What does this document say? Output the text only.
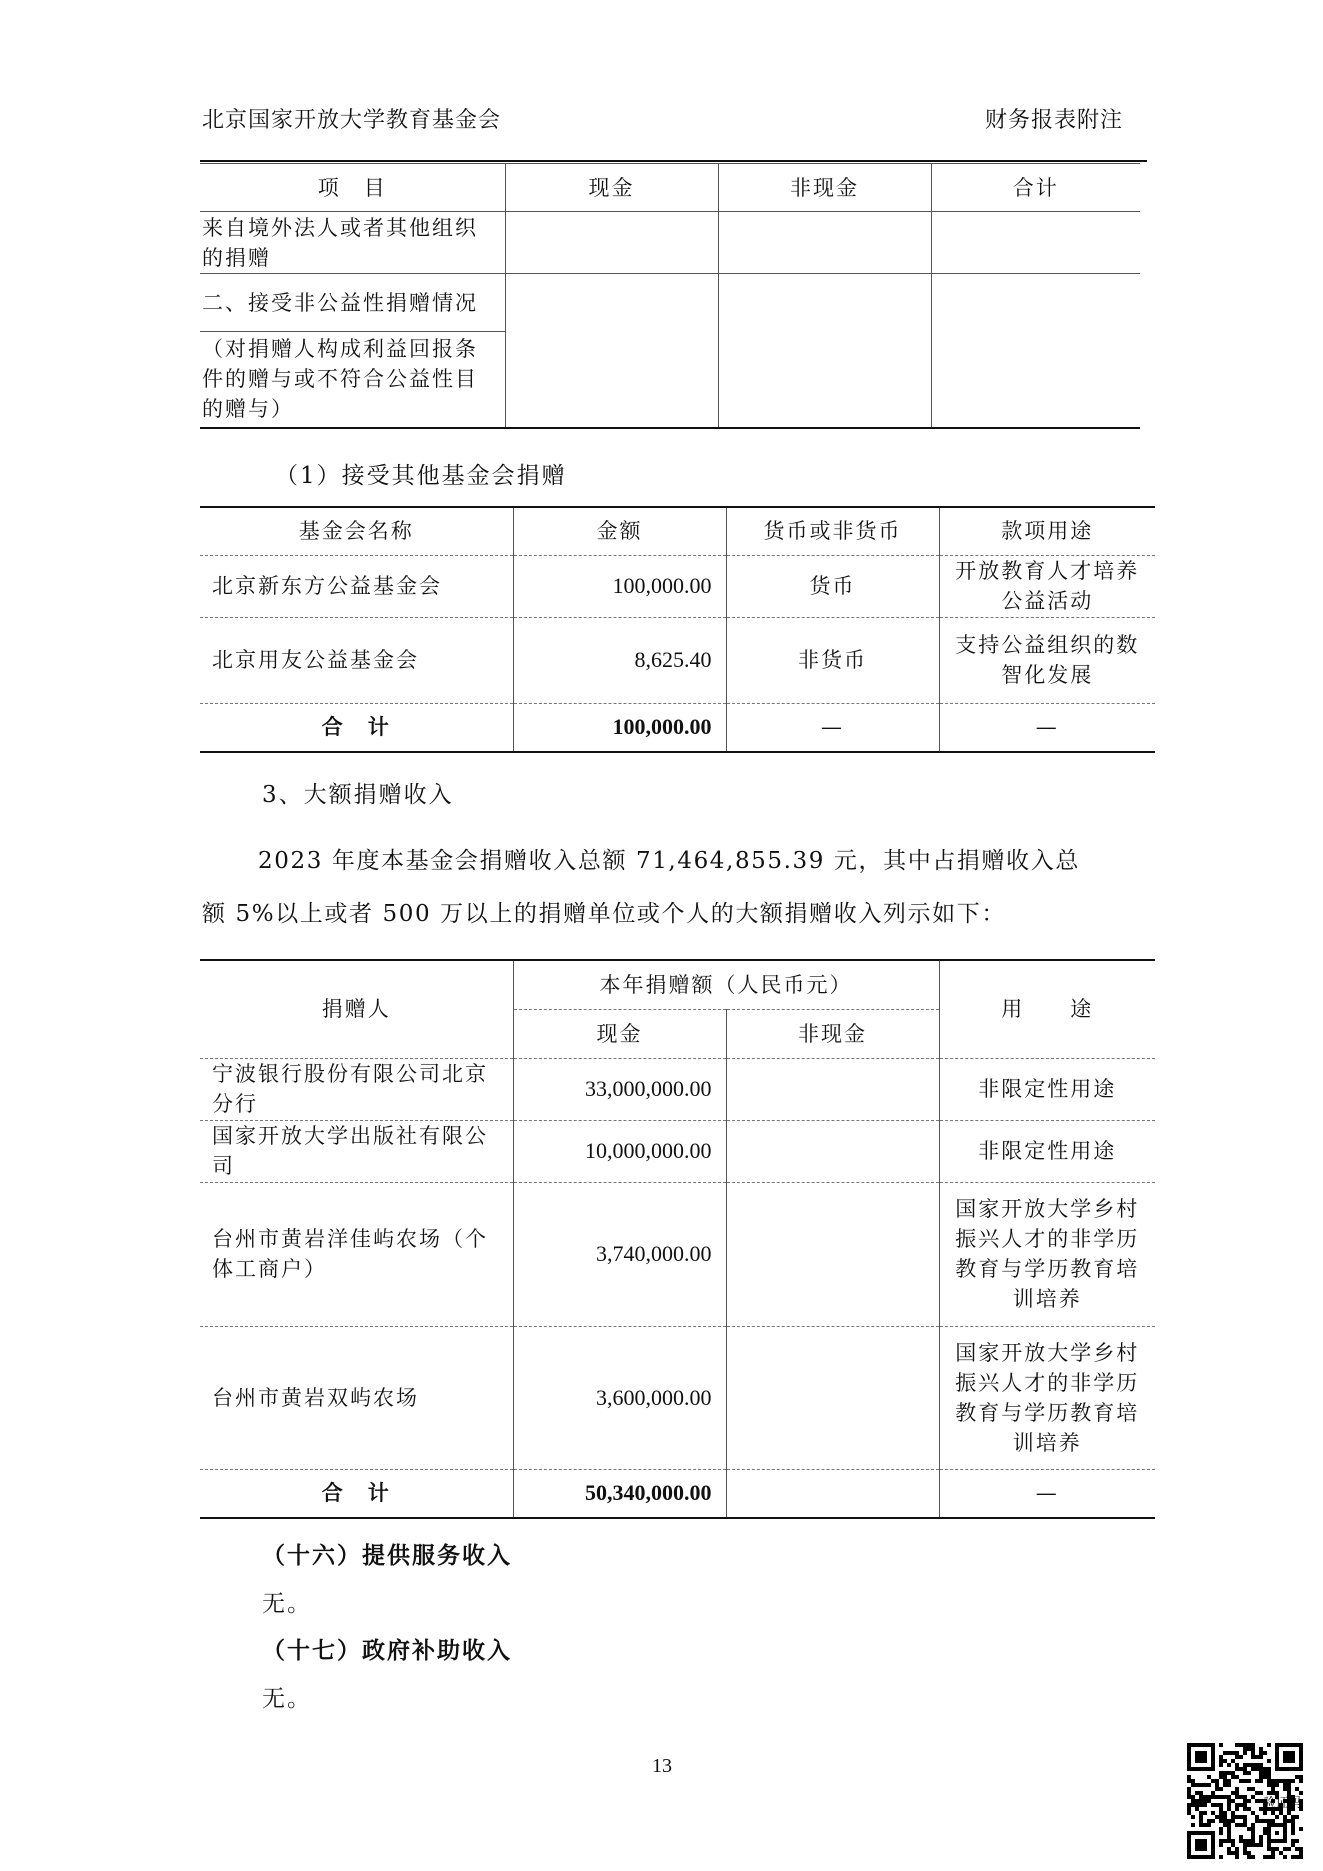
北京国家开放大学教育基金会	财务报表附注
项　目	现金	非现金	合计
来自境外法人或者其他组织的捐赠			
二、接受非公益性捐赠情况			
（对捐赠人构成利益回报条件的赠与或不符合公益性目的赠与）			
（1）接受其他基金会捐赠
基金会名称	金额	货币或非货币	款项用途
北京新东方公益基金会	100,000.00	货币	开放教育人才培养公益活动
北京用友公益基金会	8,625.40	非货币	支持公益组织的数智化发展
合　计	100,000.00	—	—
3、大额捐赠收入
2023 年度本基金会捐赠收入总额 71,464,855.39 元，其中占捐赠收入总
额 5%以上或者 500 万以上的捐赠单位或个人的大额捐赠收入列示如下：
捐赠人	本年捐赠额（人民币元）		用　　途
	现金	非现金	
宁波银行股份有限公司北京分行	33,000,000.00		非限定性用途
国家开放大学出版社有限公司	10,000,000.00		非限定性用途
台州市黄岩洋佳屿农场（个体工商户）	3,740,000.00		国家开放大学乡村振兴人才的非学历教育与学历教育培训培养
台州市黄岩双屿农场	3,600,000.00		国家开放大学乡村振兴人才的非学历教育与学历教育培训培养
合　计	50,340,000.00		—
（十六）提供服务收入
无。
（十七）政府补助收入
无。
13
验证码
